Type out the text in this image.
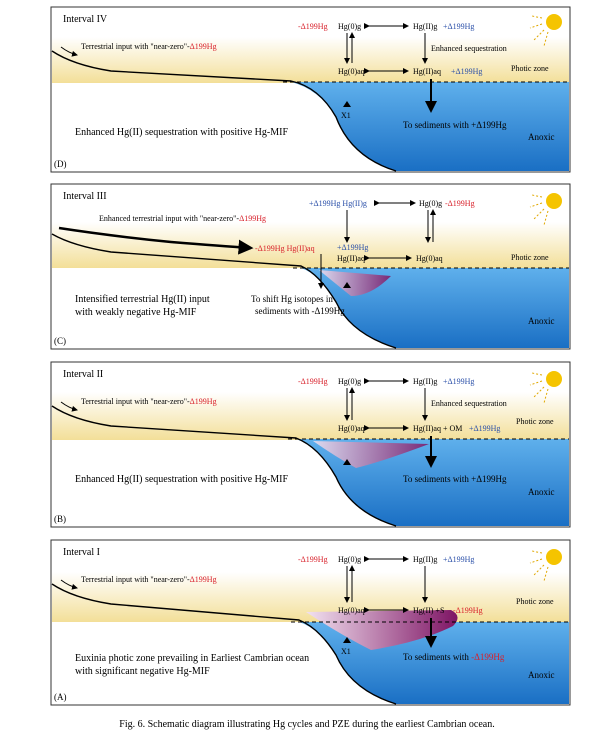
Interval IV
Terrestrial input with "near-zero"-Δ199Hg
-Δ199Hg Hg(0)g	Hg(II)g +Δ199Hg
Enhanced sequestration
Hg(0)aq	Hg(II)aq +Δ199Hg	Photic zone
To sediments with +Δ199Hg
X1
Enhanced Hg(II) sequestration with positive Hg-MIF	Anoxic
(D)
Interval III
Enhanced terrestrial input with "near-zero"-Δ199Hg
+Δ199Hg Hg(II)g	Hg(0)g -Δ199Hg
-Δ199Hg Hg(II)aq	+Δ199Hg
Hg(II)aq	Hg(0)aq	Photic zone
To shift Hg isotopes in
sediments with -Δ199Hg
Intensified terrestrial Hg(II) input
with weakly negative Hg-MIF
Anoxic
(C)
Interval II
Terrestrial input with "near-zero"-Δ199Hg
-Δ199Hg Hg(0)g	Hg(II)g +Δ199Hg
Enhanced sequestration
Hg(0)aq	Hg(II)aq + OM +Δ199Hg
Photic zone
To sediments with +Δ199Hg
Enhanced Hg(II) sequestration with positive Hg-MIF
Anoxic
(B)
Interval I
Terrestrial input with "near-zero"-Δ199Hg
-Δ199Hg Hg(0)g	Hg(II)g +Δ199Hg
Hg(0)aq	Hg(II) +S -Δ199Hg
Photic zone
To sediments with -Δ199Hg
X1
Euxinia photic zone prevailing in Earliest Cambrian ocean
with significant negative Hg-MIF	Anoxic
(A)
Fig. 6. Schematic diagram illustrating Hg cycles and PZE during the earliest Cambrian ocean.
